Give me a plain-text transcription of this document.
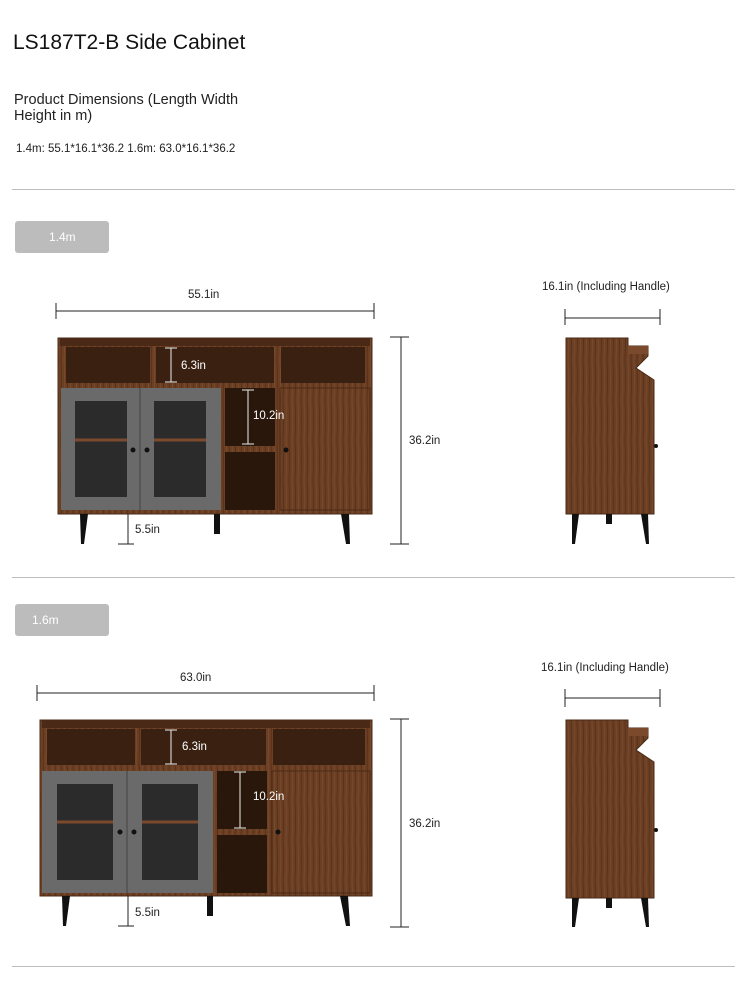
LS187T2-B Side Cabinet
Product Dimensions (Length Width Height in m)
1.4m: 55.1*16.1*36.2 1.6m: 63.0*16.1*36.2
1.4m
55.1in
6.3in
10.2in
5.5in
36.2in
16.1in (Including Handle)
1.6m
63.0in
6.3in
10.2in
5.5in
36.2in
16.1in (Including Handle)
